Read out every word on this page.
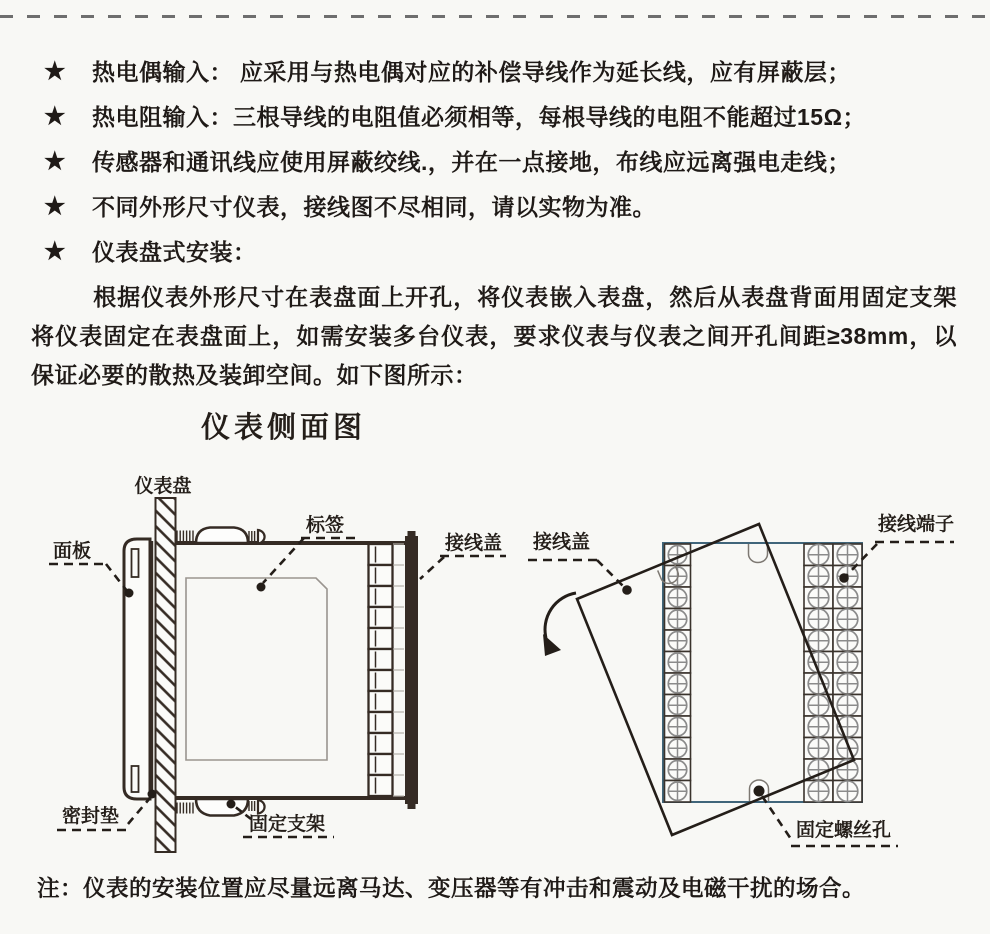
★	热电偶输入： 应采用与热电偶对应的补偿导线作为延长线，应有屏蔽层；
★	热电阻输入：三根导线的电阻值必须相等，每根导线的电阻不能超过15Ω；
★	传感器和通讯线应使用屏蔽绞线.，并在一点接地，布线应远离强电走线；
★	不同外形尺寸仪表，接线图不尽相同，请以实物为准。
★	仪表盘式安装：

根据仪表外形尺寸在表盘面上开孔，将仪表嵌入表盘，然后从表盘背面用固定支架将仪表固定在表盘面上，如需安装多台仪表，要求仪表与仪表之间开孔间距≥38mm，以保证必要的散热及装卸空间。如下图所示：

仪表侧面图
仪表盘
面板
标签
接线盖
密封垫	固定支架
接线盖
接线端子
固定螺丝孔
注：仪表的安装位置应尽量远离马达、变压器等有冲击和震动及电磁干扰的场合。
